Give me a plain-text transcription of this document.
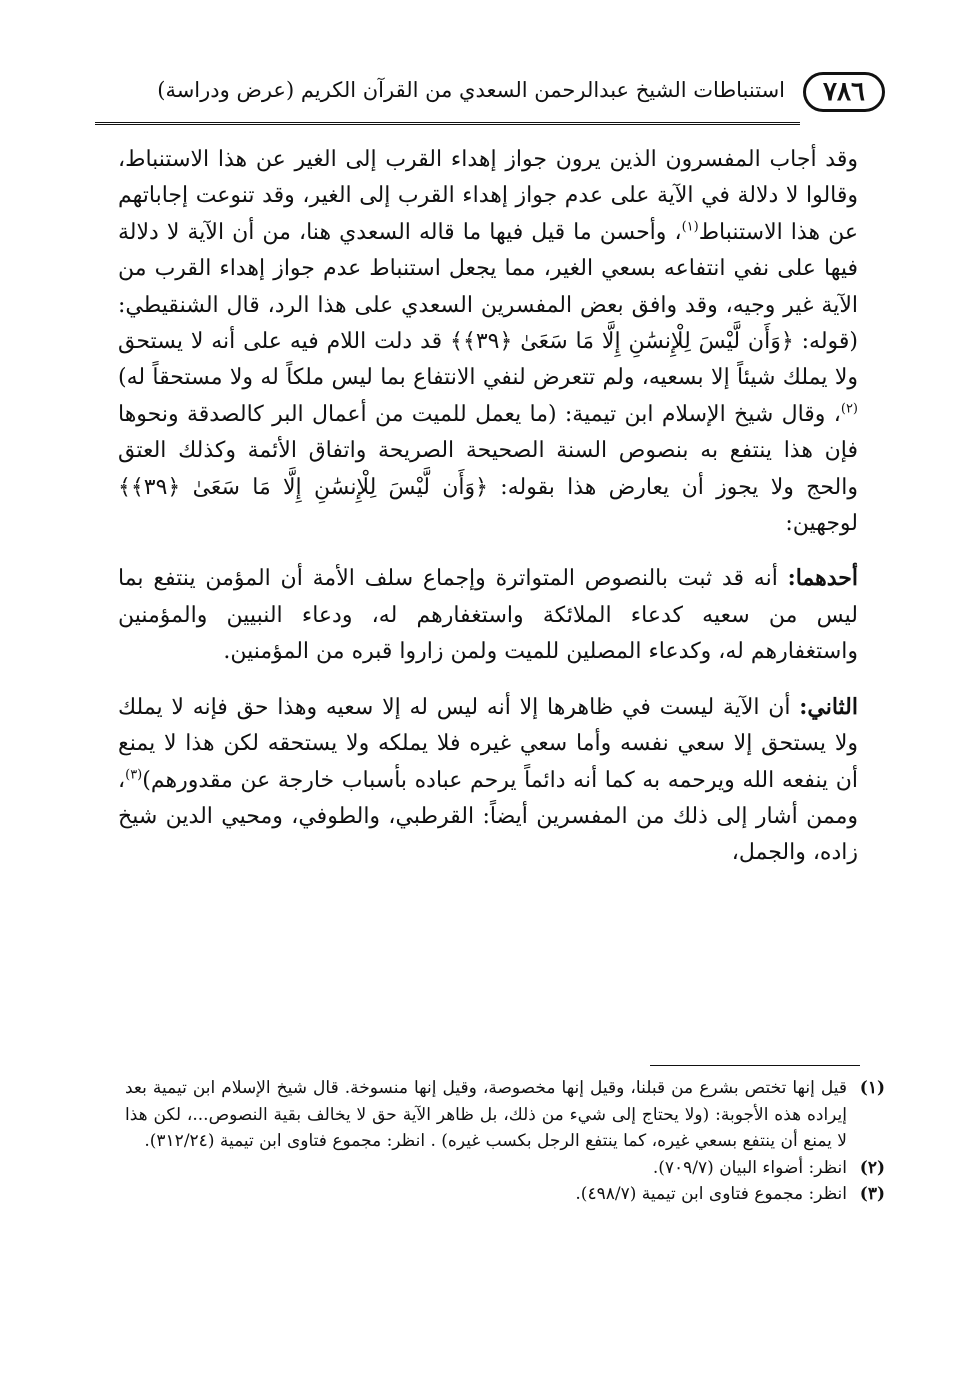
٧٨٦
استنباطات الشيخ عبدالرحمن السعدي من القرآن الكريم (عرض ودراسة)

وقد أجاب المفسرون الذين يرون جواز إهداء القرب إلى الغير عن هذا الاستنباط، وقالوا لا دلالة في الآية على عدم جواز إهداء القرب إلى الغير، وقد تنوعت إجاباتهم عن هذا الاستنباط$^{(١)}$، وأحسن ما قيل فيها ما قاله السعدي هنا، من أن الآية لا دلالة فيها على نفي انتفاعه بسعي الغير، مما يجعل استنباط عدم جواز إهداء القرب من الآية غير وجيه، وقد وافق بعض المفسرين السعدي على هذا الرد، قال الشنقيطي: (قوله: ﴿وَأَن لَّيْسَ لِلْإِنسَٰنِ إِلَّا مَا سَعَىٰ ﴿٣٩﴾﴾ قد دلت اللام فيه على أنه لا يستحق ولا يملك شيئاً إلا بسعيه، ولم تتعرض لنفي الانتفاع بما ليس ملكاً له ولا مستحقاً له)$^{(٢)}$، وقال شيخ الإسلام ابن تيمية: (ما يعمل للميت من أعمال البر كالصدقة ونحوها فإن هذا ينتفع به بنصوص السنة الصحيحة الصريحة واتفاق الأئمة وكذلك العتق والحج ولا يجوز أن يعارض هذا بقوله: ﴿وَأَن لَّيْسَ لِلْإِنسَٰنِ إِلَّا مَا سَعَىٰ ﴿٣٩﴾﴾ لوجهين:

أحدهما: أنه قد ثبت بالنصوص المتواترة وإجماع سلف الأمة أن المؤمن ينتفع بما ليس من سعيه كدعاء الملائكة واستغفارهم له، ودعاء النبيين والمؤمنين واستغفارهم له، وكدعاء المصلين للميت ولمن زاروا قبره من المؤمنين.

الثاني: أن الآية ليست في ظاهرها إلا أنه ليس له إلا سعيه وهذا حق فإنه لا يملك ولا يستحق إلا سعي نفسه وأما سعي غيره فلا يملكه ولا يستحقه لكن هذا لا يمنع أن ينفعه الله ويرحمه به كما أنه دائماً يرحم عباده بأسباب خارجة عن مقدورهم)$^{(٣)}$، وممن أشار إلى ذلك من المفسرين أيضاً: القرطبي، والطوفي، ومحيي الدين شيخ زاده، والجمل،

(١)
قيل إنها تختص بشرع من قبلنا، وقيل إنها مخصوصة، وقيل إنها منسوخة. قال شيخ الإسلام ابن تيمية بعد إيراده هذه الأجوبة: (ولا يحتاج إلى شيء من ذلك، بل ظاهر الآية حق لا يخالف بقية النصوص...، لكن هذا لا يمنع أن ينتفع بسعي غيره، كما ينتفع الرجل بكسب غيره) . انظر: مجموع فتاوى ابن تيمية (٣١٢/٢٤).
(٢)
انظر: أضواء البيان (٧٠٩/٧).
(٣)
انظر: مجموع فتاوى ابن تيمية (٤٩٨/٧).
